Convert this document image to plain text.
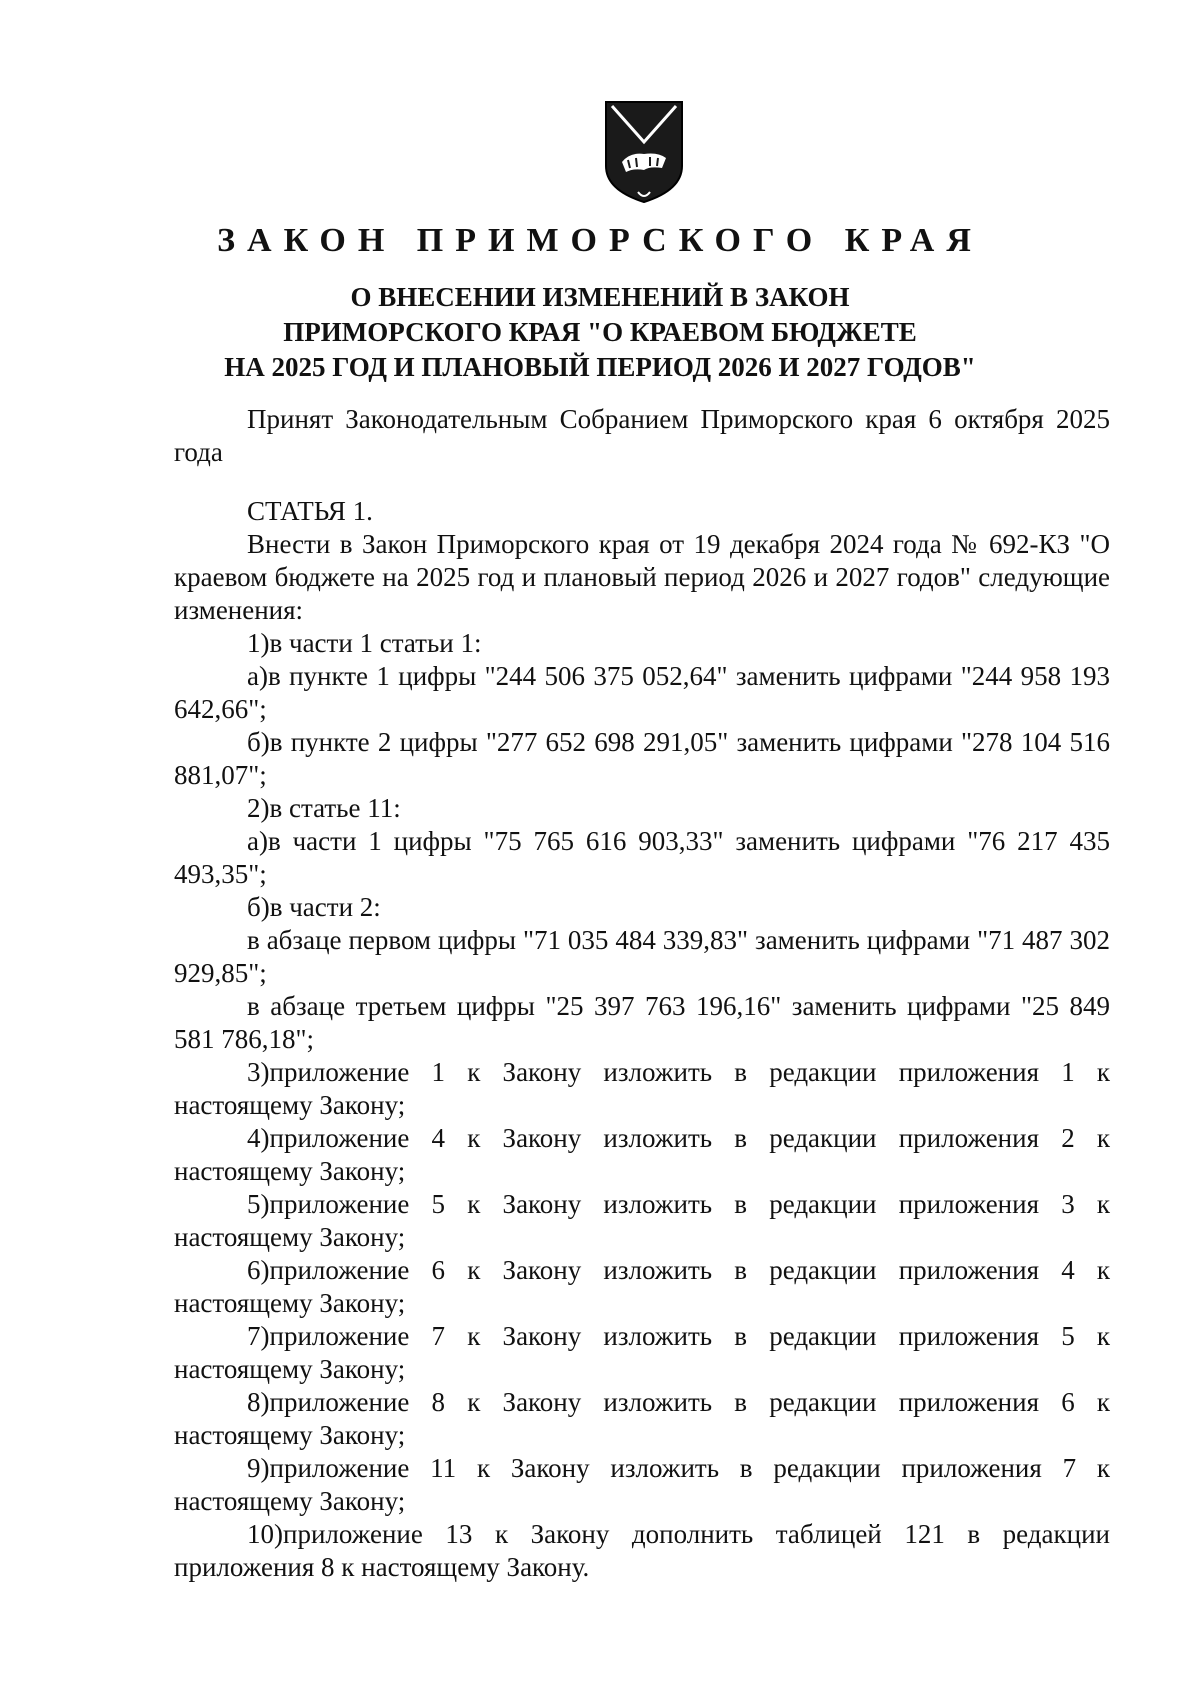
ЗАКОН ПРИМОРСКОГО КРАЯ
О ВНЕСЕНИИ ИЗМЕНЕНИЙ В ЗАКОН
ПРИМОРСКОГО КРАЯ "О КРАЕВОМ БЮДЖЕТЕ
НА 2025 ГОД И ПЛАНОВЫЙ ПЕРИОД 2026 И 2027 ГОДОВ"
Принят Законодательным Собранием Приморского края 6 октября 2025 года
СТАТЬЯ 1.
Внести в Закон Приморского края от 19 декабря 2024 года № 692-КЗ "О краевом бюджете на 2025 год и плановый период 2026 и 2027 годов" следующие изменения:
1)в части 1 статьи 1:
а)в пункте 1 цифры "244 506 375 052,64" заменить цифрами "244 958 193 642,66";
б)в пункте 2 цифры "277 652 698 291,05" заменить цифрами "278 104 516 881,07";
2)в статье 11:
а)в части 1 цифры "75 765 616 903,33" заменить цифрами "76 217 435 493,35";
б)в части 2:
в абзаце первом цифры "71 035 484 339,83" заменить цифрами "71 487 302 929,85";
в абзаце третьем цифры "25 397 763 196,16" заменить цифрами "25 849 581 786,18";
3)приложение 1 к Закону изложить в редакции приложения 1 к настоящему Закону;
4)приложение 4 к Закону изложить в редакции приложения 2 к настоящему Закону;
5)приложение 5 к Закону изложить в редакции приложения 3 к настоящему Закону;
6)приложение 6 к Закону изложить в редакции приложения 4 к настоящему Закону;
7)приложение 7 к Закону изложить в редакции приложения 5 к настоящему Закону;
8)приложение 8 к Закону изложить в редакции приложения 6 к настоящему Закону;
9)приложение 11 к Закону изложить в редакции приложения 7 к настоящему Закону;
10)приложение 13 к Закону дополнить таблицей 121 в редакции приложения 8 к настоящему Закону.
